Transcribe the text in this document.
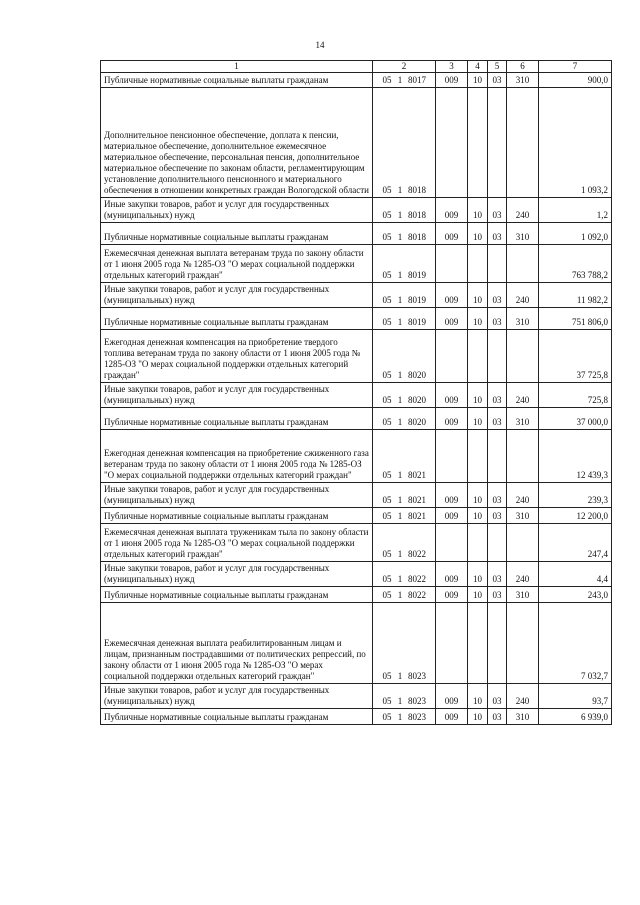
14
1	2	3	4	5	6	7
Публичные нормативные социальные выплаты гражданам	05 1 8017	009	10	03	310	900,0
Дополнительное пенсионное обеспечение, доплата к пенсии, материальное обеспечение, дополнительное ежемесячное материальное обеспечение, персональная пенсия, дополнительное материальное обеспечение по законам области, регламентирующим установление дополнительного пенсионного и материального обеспечения в отношении конкретных граждан Вологодской области	05 1 8018					1 093,2
Иные закупки товаров, работ и услуг для государственных (муниципальных) нужд	05 1 8018	009	10	03	240	1,2
Публичные нормативные социальные выплаты гражданам	05 1 8018	009	10	03	310	1 092,0
Ежемесячная денежная выплата ветеранам труда по закону области от 1 июня 2005 года № 1285-ОЗ "О мерах социальной поддержки отдельных категорий граждан"	05 1 8019					763 788,2
Иные закупки товаров, работ и услуг для государственных (муниципальных) нужд	05 1 8019	009	10	03	240	11 982,2
Публичные нормативные социальные выплаты гражданам	05 1 8019	009	10	03	310	751 806,0
Ежегодная денежная компенсация на приобретение твердого топлива ветеранам труда по закону области от 1 июня 2005 года № 1285-ОЗ "О мерах социальной поддержки отдельных категорий граждан"	05 1 8020					37 725,8
Иные закупки товаров, работ и услуг для государственных (муниципальных) нужд	05 1 8020	009	10	03	240	725,8
Публичные нормативные социальные выплаты гражданам	05 1 8020	009	10	03	310	37 000,0
Ежегодная денежная компенсация на приобретение сжиженного газа ветеранам труда по закону области от 1 июня 2005 года № 1285-ОЗ "О мерах социальной поддержки отдельных категорий граждан"	05 1 8021					12 439,3
Иные закупки товаров, работ и услуг для государственных (муниципальных) нужд	05 1 8021	009	10	03	240	239,3
Публичные нормативные социальные выплаты гражданам	05 1 8021	009	10	03	310	12 200,0
Ежемесячная денежная выплата труженикам тыла по закону области от 1 июня 2005 года № 1285-ОЗ "О мерах социальной поддержки отдельных категорий граждан"	05 1 8022					247,4
Иные закупки товаров, работ и услуг для государственных (муниципальных) нужд	05 1 8022	009	10	03	240	4,4
Публичные нормативные социальные выплаты гражданам	05 1 8022	009	10	03	310	243,0
Ежемесячная денежная выплата реабилитированным лицам и лицам, признанным пострадавшими от политических репрессий, по закону области от 1 июня 2005 года № 1285-ОЗ "О мерах социальной поддержки отдельных категорий граждан"	05 1 8023					7 032,7
Иные закупки товаров, работ и услуг для государственных (муниципальных) нужд	05 1 8023	009	10	03	240	93,7
Публичные нормативные социальные выплаты гражданам	05 1 8023	009	10	03	310	6 939,0
